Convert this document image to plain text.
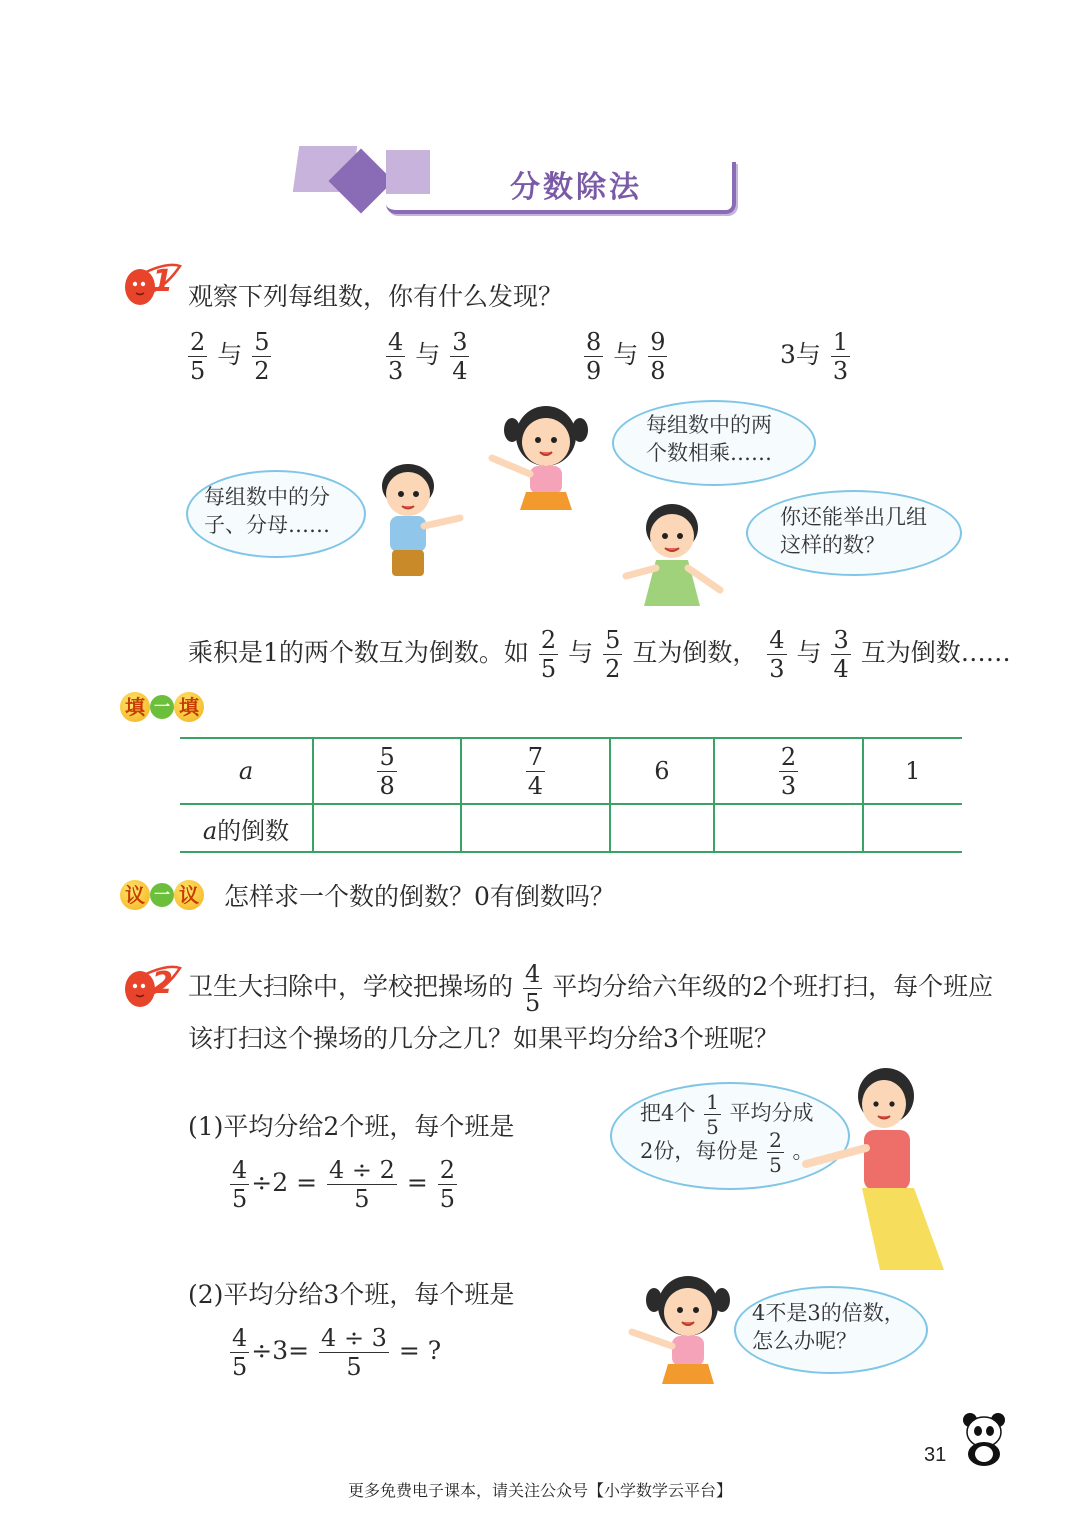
分数除法
1 观察下列每组数，你有什么发现？
$\frac{2}{5}$ 与 $\frac{5}{2}$	$\frac{4}{3}$ 与 $\frac{3}{4}$	$\frac{8}{9}$ 与 $\frac{9}{8}$	3与 $\frac{1}{3}$
每组数中的两
个数相乘……
每组数中的分
子、分母……	你还能举出几组
这样的数？
乘积是1的两个数互为倒数。如 $\frac{2}{5}$ 与 $\frac{5}{2}$ 互为倒数， $\frac{4}{3}$ 与 $\frac{3}{4}$ 互为倒数……
填 一 填
a	$\frac{5}{8}$	$\frac{7}{4}$	6	$\frac{2}{3}$	1
a的倒数					
议 一 议 怎样求一个数的倒数？0有倒数吗？
2 卫生大扫除中，学校把操场的 $\frac{4}{5}$ 平均分给六年级的2个班打扫，每个班应
该打扫这个操场的几分之几？如果平均分给3个班呢？
(1)平均分给2个班，每个班是
$\frac{4}{5} \div 2 = \frac{4 \div 2}{5} = \frac{2}{5}$
把4个 $\frac{1}{5}$ 平均分成
2份，每份是 $\frac{2}{5}$ 。
(2)平均分给3个班，每个班是
$\frac{4}{5} \div 3= \frac{4 \div 3}{5}$ = ?
4不是3的倍数，
怎么办呢？
31
更多免费电子课本，请关注公众号【小学数学云平台】
